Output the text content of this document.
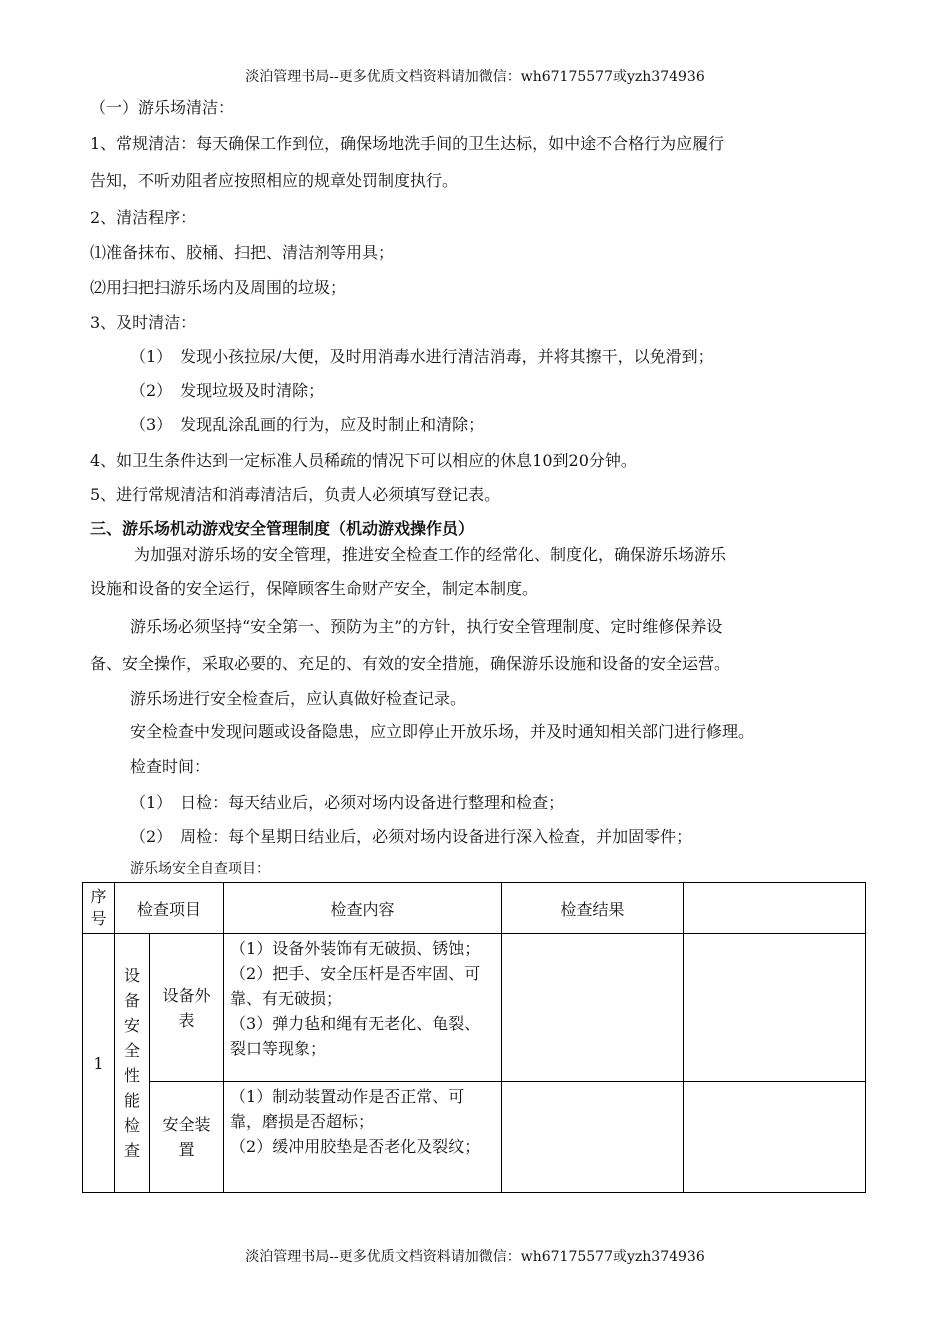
淡泊管理书局--更多优质文档资料请加微信：wh67175577或yzh374936
（一）游乐场清洁：
1、常规清洁：每天确保工作到位，确保场地洗手间的卫生达标，如中途不合格行为应履行
告知，不听劝阻者应按照相应的规章处罚制度执行。
2、清洁程序：
⑴准备抹布、胶桶、扫把、清洁剂等用具；
⑵用扫把扫游乐场内及周围的垃圾；
3、及时清洁：
（1）　发现小孩拉尿/大便，及时用消毒水进行清洁消毒，并将其擦干，以免滑到；
（2）　发现垃圾及时清除；
（3）　发现乱涂乱画的行为，应及时制止和清除；
4、如卫生条件达到一定标准人员稀疏的情况下可以相应的休息10到20分钟。
5、进行常规清洁和消毒清洁后，负责人必须填写登记表。
三、游乐场机动游戏安全管理制度（机动游戏操作员）
为加强对游乐场的安全管理，推进安全检查工作的经常化、制度化，确保游乐场游乐
设施和设备的安全运行，保障顾客生命财产安全，制定本制度。
游乐场必须坚持“安全第一、预防为主”的方针，执行安全管理制度、定时维修保养设
备、安全操作，采取必要的、充足的、有效的安全措施，确保游乐设施和设备的安全运营。
游乐场进行安全检查后，应认真做好检查记录。
安全检查中发现问题或设备隐患，应立即停止开放乐场，并及时通知相关部门进行修理。
检查时间：
（1）　日检：每天结业后，必须对场内设备进行整理和检查；
（2）　周检：每个星期日结业后，必须对场内设备进行深入检查，并加固零件；
游乐场安全自查项目：
序号	检查项目		检查内容	检查结果	
1	设备安全性能检查	设备外表	（1）设备外装饰有无破损、锈蚀；
（2）把手、安全压杆是否牢固、可靠、有无破损；
（3）弹力毡和绳有无老化、龟裂、裂口等现象；		

		安全装置	（1）制动装置动作是否正常、可靠，磨损是否超标；
（2）缓冲用胶垫是否老化及裂纹；		

淡泊管理书局--更多优质文档资料请加微信：wh67175577或yzh374936
